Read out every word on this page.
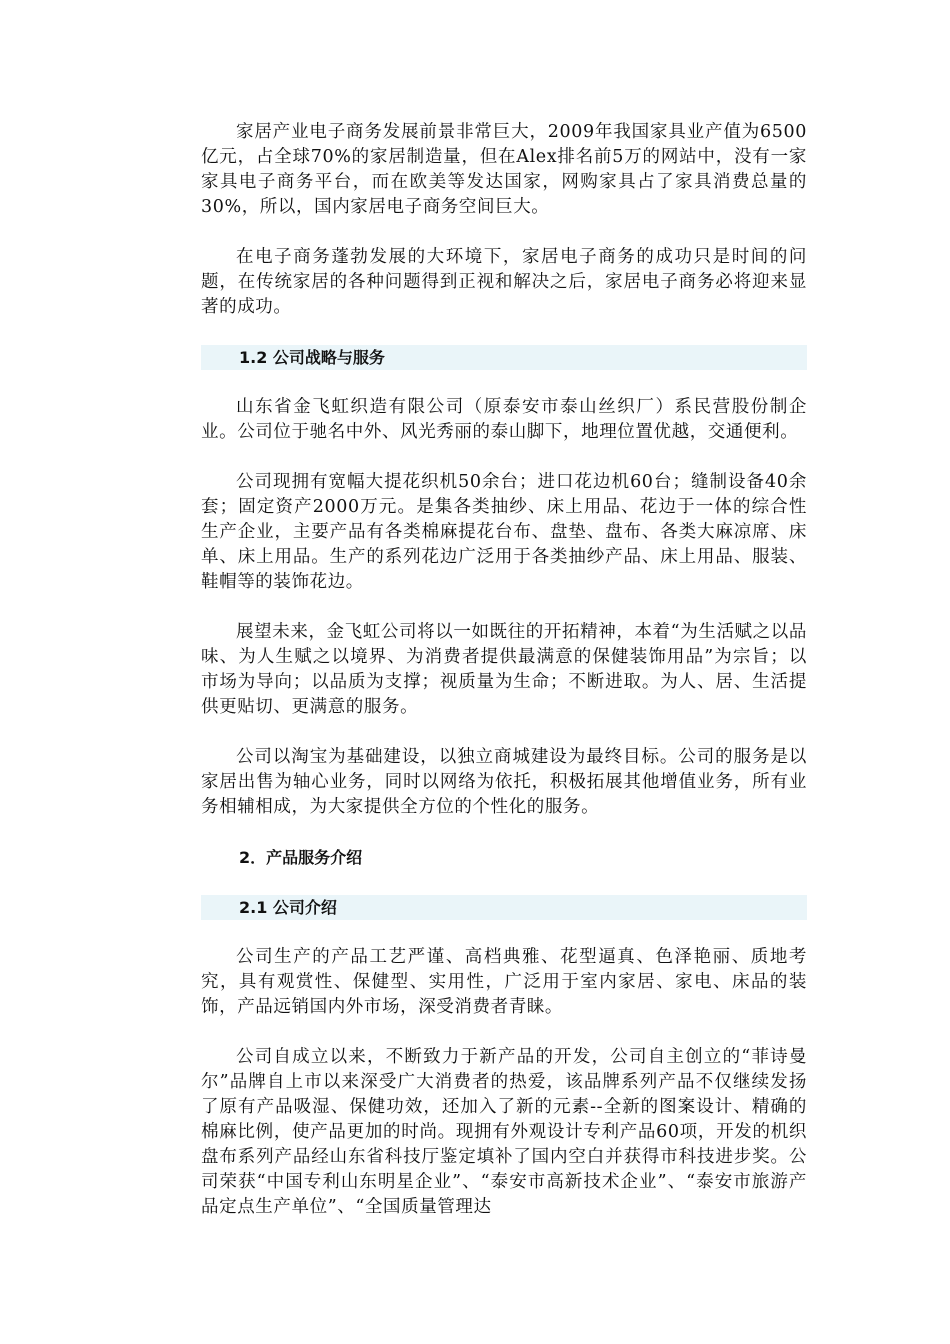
家居产业电子商务发展前景非常巨大，2009年我国家具业产值为6500亿元，占全球70%的家居制造量，但在Alex排名前5万的网站中，没有一家家具电子商务平台，而在欧美等发达国家，网购家具占了家具消费总量的30%，所以，国内家居电子商务空间巨大。

在电子商务蓬勃发展的大环境下，家居电子商务的成功只是时间的问题，在传统家居的各种问题得到正视和解决之后，家居电子商务必将迎来显著的成功。

1.2 公司战略与服务

山东省金飞虹织造有限公司（原泰安市泰山丝织厂）系民营股份制企业。公司位于驰名中外、风光秀丽的泰山脚下，地理位置优越，交通便利。

公司现拥有宽幅大提花织机50余台；进口花边机60台；缝制设备40余套；固定资产2000万元。是集各类抽纱、床上用品、花边于一体的综合性生产企业，主要产品有各类棉麻提花台布、盘垫、盘布、各类大麻凉席、床单、床上用品。生产的系列花边广泛用于各类抽纱产品、床上用品、服装、鞋帽等的装饰花边。

展望未来，金飞虹公司将以一如既往的开拓精神，本着“为生活赋之以品味、为人生赋之以境界、为消费者提供最满意的保健装饰用品”为宗旨；以市场为导向；以品质为支撑；视质量为生命；不断进取。为人、居、生活提供更贴切、更满意的服务。

公司以淘宝为基础建设，以独立商城建设为最终目标。公司的服务是以家居出售为轴心业务，同时以网络为依托，积极拓展其他增值业务，所有业务相辅相成，为大家提供全方位的个性化的服务。

2．产品服务介绍
2.1 公司介绍

公司生产的产品工艺严谨、高档典雅、花型逼真、色泽艳丽、质地考究，具有观赏性、保健型、实用性，广泛用于室内家居、家电、床品的装饰，产品远销国内外市场，深受消费者青睐。

公司自成立以来，不断致力于新产品的开发，公司自主创立的“菲诗曼尔”品牌自上市以来深受广大消费者的热爱，该品牌系列产品不仅继续发扬了原有产品吸湿、保健功效，还加入了新的元素--全新的图案设计、精确的棉麻比例，使产品更加的时尚。现拥有外观设计专利产品60项，开发的机织盘布系列产品经山东省科技厅鉴定填补了国内空白并获得市科技进步奖。公司荣获“中国专利山东明星企业”、“泰安市高新技术企业”、“泰安市旅游产品定点生产单位”、“全国质量管理达
